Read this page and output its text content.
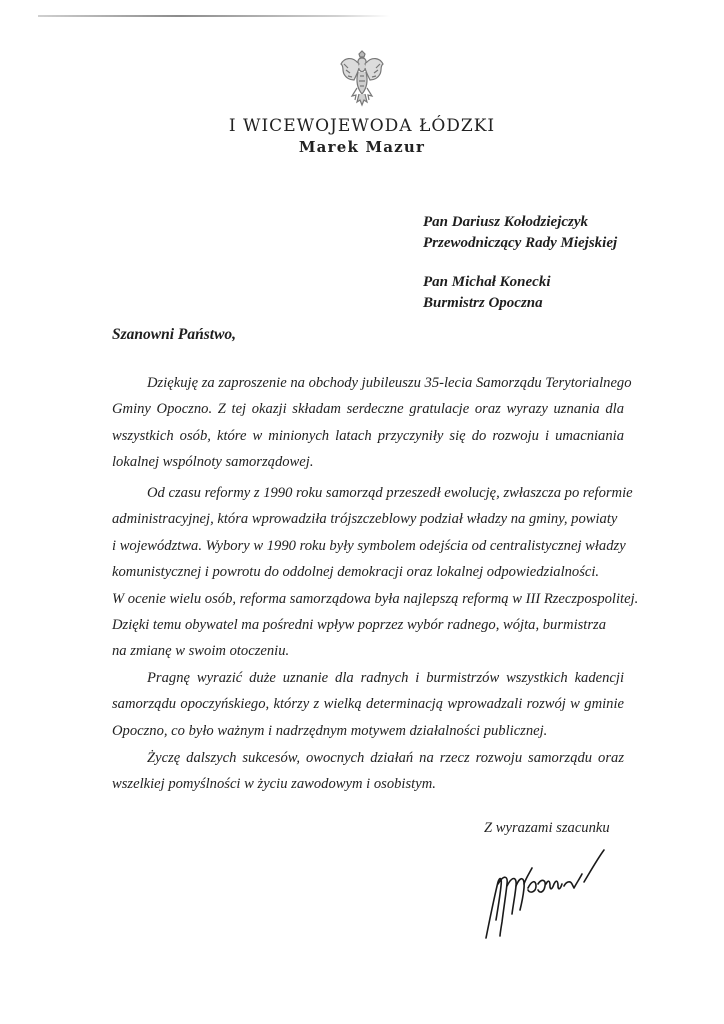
I WICEWOJEWODA ŁÓDZKI
Marek Mazur
Pan Dariusz Kołodziejczyk
Przewodniczący Rady Miejskiej
Pan Michał Konecki
Burmistrz Opoczna
Szanowni Państwo,
Dziękuję za zaproszenie na obchody jubileuszu 35-lecia Samorządu Terytorialnego
Gminy Opoczno. Z tej okazji składam serdeczne gratulacje oraz wyrazy uznania dla
wszystkich osób, które w minionych latach przyczyniły się do rozwoju i umacniania
lokalnej wspólnoty samorządowej.
Od czasu reformy z 1990 roku samorząd przeszedł ewolucję, zwłaszcza po reformie
administracyjnej, która wprowadziła trójszczeblowy podział władzy na gminy, powiaty
i województwa. Wybory w 1990 roku były symbolem odejścia od centralistycznej władzy
komunistycznej i powrotu do oddolnej demokracji oraz lokalnej odpowiedzialności.
W ocenie wielu osób, reforma samorządowa była najlepszą reformą w III Rzeczpospolitej.
Dzięki temu obywatel ma pośredni wpływ poprzez wybór radnego, wójta, burmistrza
na zmianę w swoim otoczeniu.
Pragnę wyrazić duże uznanie dla radnych i burmistrzów wszystkich kadencji
samorządu opoczyńskiego, którzy z wielką determinacją wprowadzali rozwój w gminie
Opoczno, co było ważnym i nadrzędnym motywem działalności publicznej.
Życzę dalszych sukcesów, owocnych działań na rzecz rozwoju samorządu oraz
wszelkiej pomyślności w życiu zawodowym i osobistym.
Z wyrazami szacunku
